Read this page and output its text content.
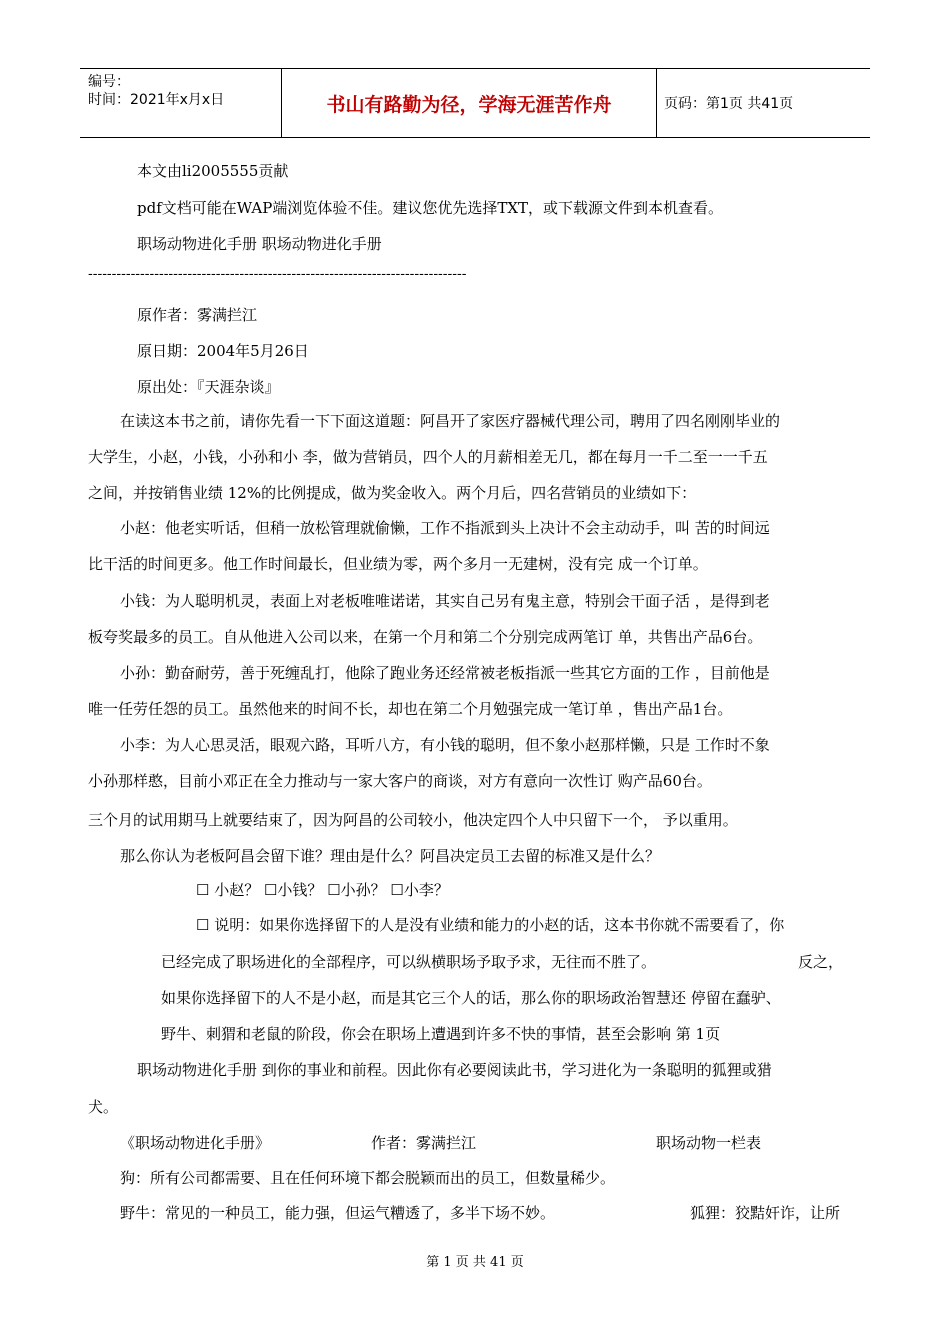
编号：
时间：2021年x月x日	书山有路勤为径，学海无涯苦作舟	页码：第1页 共41页
本文由li2005555贡献
pdf文档可能在WAP端浏览体验不佳。建议您优先选择TXT，或下载源文件到本机查看。
职场动物进化手册 职场动物进化手册
--------------------------------------------------------------------------------
原作者：雾满拦江
原日期：2004年5月26日
原出处：『天涯杂谈』
在读这本书之前，请你先看一下下面这道题：阿昌开了家医疗器械代理公司，聘用了四名刚刚毕业的
大学生，小赵，小钱，小孙和小 李，做为营销员，四个人的月薪相差无几，都在每月一千二至一一千五
之间，并按销售业绩 12%的比例提成，做为奖金收入。两个月后，四名营销员的业绩如下：
小赵：他老实听话，但稍一放松管理就偷懒，工作不指派到头上决计不会主动动手，叫 苦的时间远
比干活的时间更多。他工作时间最长，但业绩为零，两个多月一无建树，没有完 成一个订单。
小钱：为人聪明机灵，表面上对老板唯唯诺诺，其实自己另有鬼主意，特别会干面子活 ，是得到老
板夸奖最多的员工。自从他进入公司以来，在第一个月和第二个分别完成两笔订 单，共售出产品6台。
小孙：勤奋耐劳，善于死缠乱打，他除了跑业务还经常被老板指派一些其它方面的工作 ，目前他是
唯一任劳任怨的员工。虽然他来的时间不长，却也在第二个月勉强完成一笔订单 ，售出产品1台。
小李：为人心思灵活，眼观六路，耳听八方，有小钱的聪明，但不象小赵那样懒，只是 工作时不象
小孙那样憨，目前小邓正在全力推动与一家大客户的商谈，对方有意向一次性订 购产品60台。
三个月的试用期马上就要结束了，因为阿昌的公司较小，他决定四个人中只留下一个， 予以重用。
那么你认为老板阿昌会留下谁？理由是什么？阿昌决定员工去留的标准又是什么？
☐ 小赵？ ☐小钱？ ☐小孙？ ☐小李？
☐ 说明：如果你选择留下的人是没有业绩和能力的小赵的话，这本书你就不需要看了，你
已经完成了职场进化的全部程序，可以纵横职场予取予求，无往而不胜了。	反之，
如果你选择留下的人不是小赵，而是其它三个人的话，那么你的职场政治智慧还 停留在蠢驴、
野牛、刺猬和老鼠的阶段，你会在职场上遭遇到许多不快的事情，甚至会影响 第 1页
职场动物进化手册 到你的事业和前程。因此你有必要阅读此书，学习进化为一条聪明的狐狸或猎
犬。
《职场动物进化手册》	作者：雾满拦江	职场动物一栏表
狗：所有公司都需要、且在任何环境下都会脱颖而出的员工，但数量稀少。
野牛：常见的一种员工，能力强，但运气糟透了，多半下场不妙。	狐狸：狡黠奸诈，让所
第 1 页 共 41 页
